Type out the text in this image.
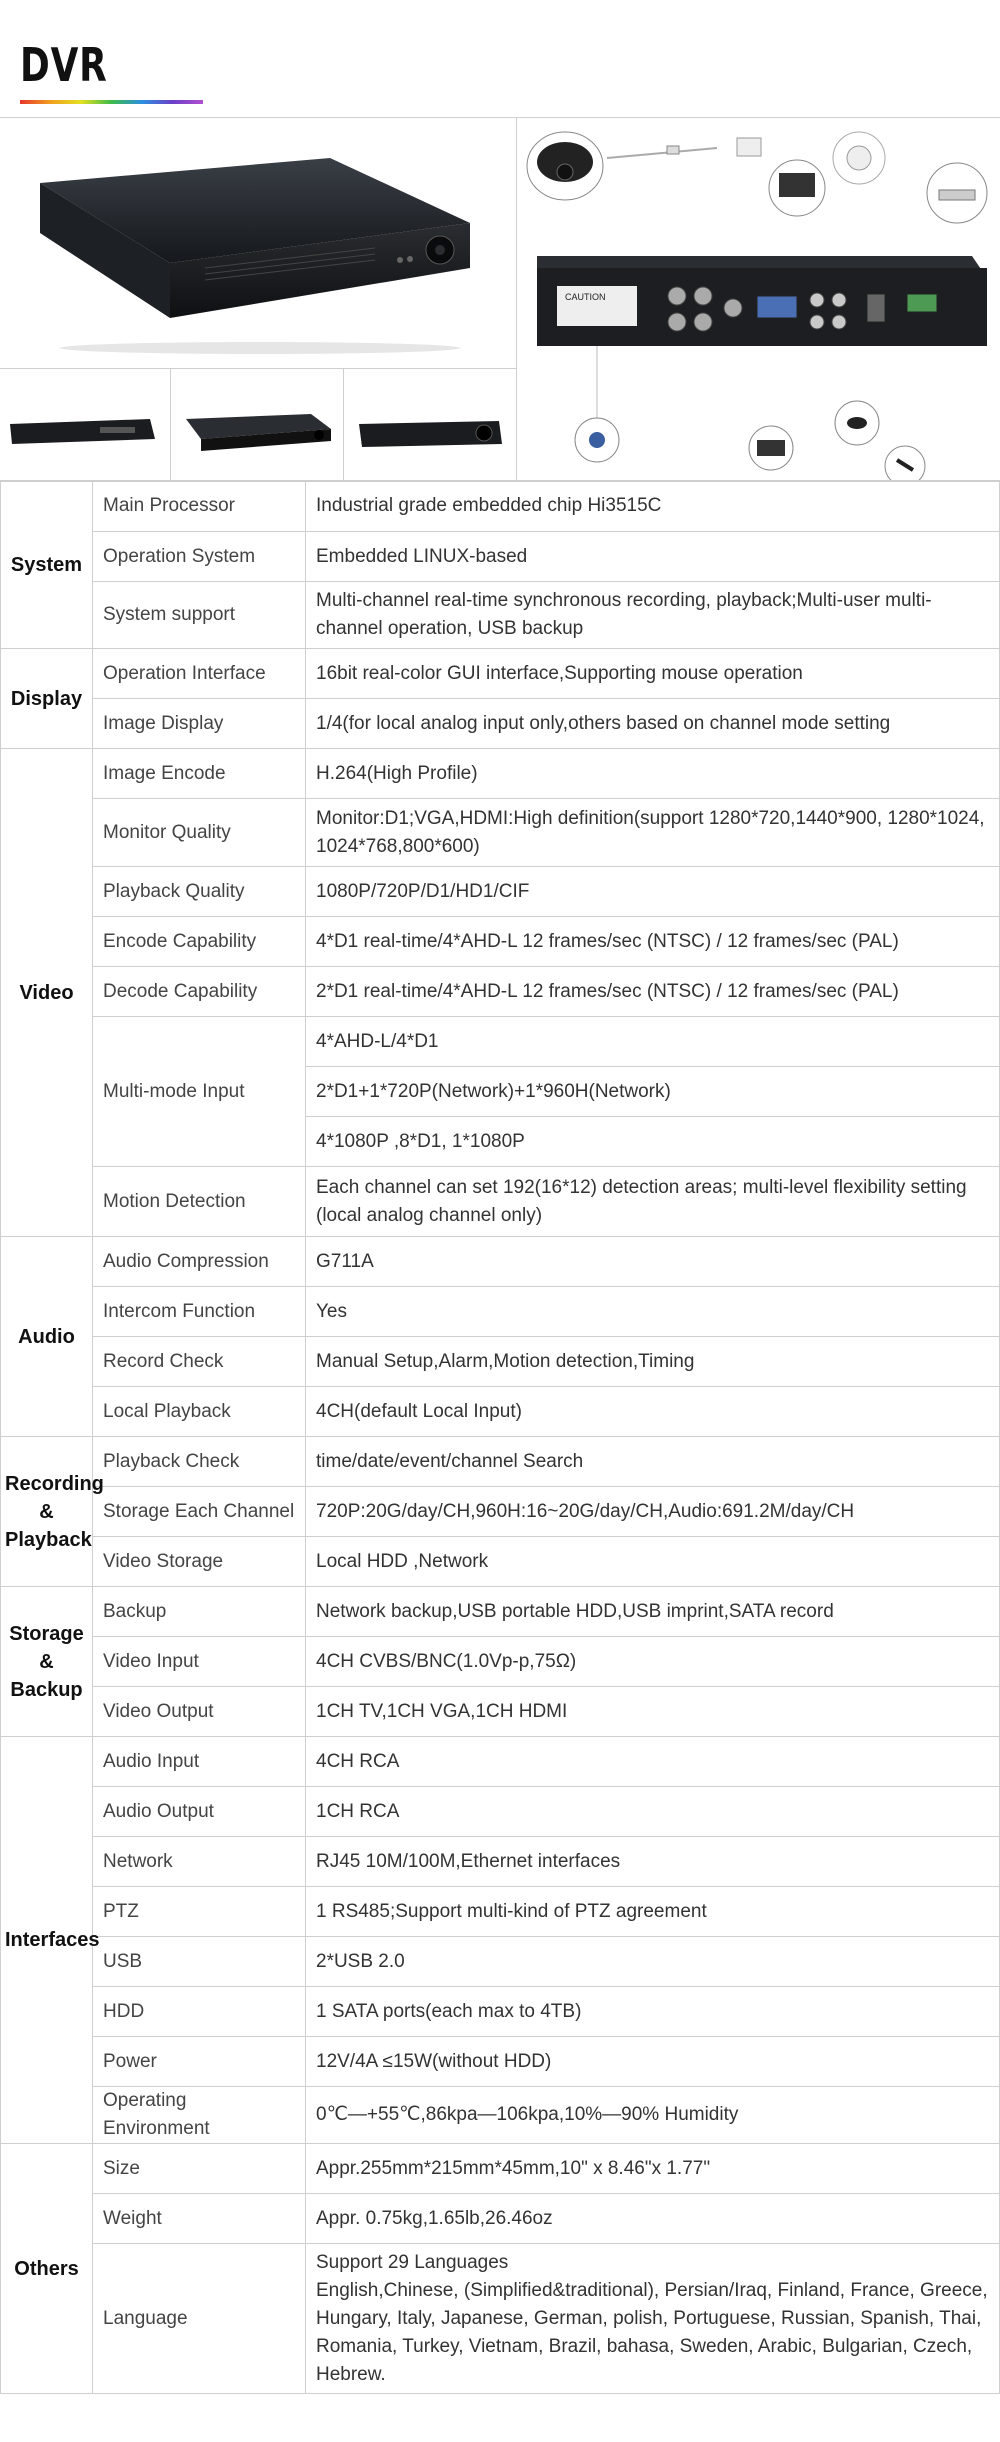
DVR
CAUTION
System	Main Processor	Industrial grade embedded chip Hi3515C
	Operation System	Embedded LINUX-based
	System support	Multi-channel real-time synchronous recording, playback;Multi-user multi-channel operation, USB backup
Display	Operation Interface	16bit real-color GUI interface,Supporting mouse operation
	Image Display	1/4(for local analog input only,others based on channel mode setting
Video	Image Encode	H.264(High Profile)
	Monitor Quality	Monitor:D1;VGA,HDMI:High definition(support 1280*720,1440*900, 1280*1024, 1024*768,800*600)
	Playback Quality	1080P/720P/D1/HD1/CIF
	Encode Capability	4*D1 real-time/4*AHD-L 12 frames/sec (NTSC) / 12 frames/sec (PAL)
	Decode Capability	2*D1 real-time/4*AHD-L 12 frames/sec (NTSC) / 12 frames/sec (PAL)
	Multi-mode Input	4*AHD-L/4*D1
		2*D1+1*720P(Network)+1*960H(Network)
		4*1080P ,8*D1, 1*1080P
	Motion Detection	Each channel can set 192(16*12) detection areas; multi-level flexibility setting (local analog channel only)
Audio	Audio Compression	G711A
	Intercom Function	Yes
	Record Check	Manual Setup,Alarm,Motion detection,Timing
	Local Playback	4CH(default Local Input)
Recording & Playback	Playback Check	time/date/event/channel Search
	Storage Each Channel	720P:20G/day/CH,960H:16~20G/day/CH,Audio:691.2M/day/CH
	Video Storage	Local HDD ,Network
Storage & Backup	Backup	Network backup,USB portable HDD,USB imprint,SATA record
	Video Input	4CH CVBS/BNC(1.0Vp-p,75Ω)
	Video Output	1CH TV,1CH VGA,1CH HDMI
Interfaces	Audio Input	4CH RCA
	Audio Output	1CH RCA
	Network	RJ45 10M/100M,Ethernet interfaces
	PTZ	1 RS485;Support multi-kind of PTZ agreement
	USB	2*USB 2.0
	HDD	1 SATA ports(each max to 4TB)
	Power	12V/4A ≤15W(without HDD)
	Operating Environment	0℃—+55℃,86kpa—106kpa,10%—90% Humidity
Others	Size	Appr.255mm*215mm*45mm,10" x 8.46"x 1.77"
	Weight	Appr. 0.75kg,1.65lb,26.46oz
	Language	Support 29 Languages
English,Chinese, (Simplified&traditional), Persian/Iraq, Finland, France, Greece, Hungary, Italy, Japanese, German, polish, Portuguese, Russian, Spanish, Thai, Romania, Turkey, Vietnam, Brazil, bahasa, Sweden, Arabic, Bulgarian, Czech, Hebrew.
